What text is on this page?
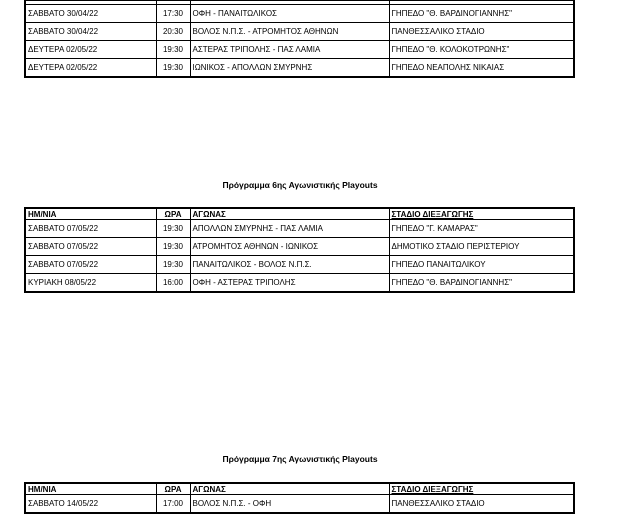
ΣΑΒΒΑΤΟ 30/04/22	17:30	ΟΦΗ - ΠΑΝΑΙΤΩΛΙΚΟΣ	ΓΗΠΕΔΟ "Θ. ΒΑΡΔΙΝΟΓΙΑΝΝΗΣ"
ΣΑΒΒΑΤΟ 30/04/22	20:30	ΒΟΛΟΣ Ν.Π.Σ. - ΑΤΡΟΜΗΤΟΣ ΑΘΗΝΩΝ	ΠΑΝΘΕΣΣΑΛΙΚΟ ΣΤΑΔΙΟ
ΔΕΥΤΕΡΑ 02/05/22	19:30	ΑΣΤΕΡΑΣ ΤΡΙΠΟΛΗΣ - ΠΑΣ ΛΑΜΙΑ	ΓΗΠΕΔΟ "Θ. ΚΟΛΟΚΟΤΡΩΝΗΣ"
ΔΕΥΤΕΡΑ 02/05/22	19:30	ΙΩΝΙΚΟΣ - ΑΠΟΛΛΩΝ ΣΜΥΡΝΗΣ	ΓΗΠΕΔΟ ΝΕΑΠΟΛΗΣ ΝΙΚΑΙΑΣ
Πρόγραμμα 6ης Αγωνιστικής Playouts
ΗΜ/ΝΙΑ	ΩΡΑ	ΑΓΩΝΑΣ	ΣΤΑΔΙΟ ΔΙΕΞΑΓΩΓΗΣ
ΣΑΒΒΑΤΟ 07/05/22	19:30	ΑΠΟΛΛΩΝ ΣΜΥΡΝΗΣ - ΠΑΣ ΛΑΜΙΑ	ΓΗΠΕΔΟ "Γ. ΚΑΜΑΡΑΣ"
ΣΑΒΒΑΤΟ 07/05/22	19:30	ΑΤΡΟΜΗΤΟΣ ΑΘΗΝΩΝ - ΙΩΝΙΚΟΣ	ΔΗΜΟΤΙΚΟ ΣΤΑΔΙΟ ΠΕΡΙΣΤΕΡΙΟΥ
ΣΑΒΒΑΤΟ 07/05/22	19:30	ΠΑΝΑΙΤΩΛΙΚΟΣ - ΒΟΛΟΣ Ν.Π.Σ.	ΓΗΠΕΔΟ ΠΑΝΑΙΤΩΛΙΚΟΥ
ΚΥΡΙΑΚΗ 08/05/22	16:00	ΟΦΗ - ΑΣΤΕΡΑΣ ΤΡΙΠΟΛΗΣ	ΓΗΠΕΔΟ "Θ. ΒΑΡΔΙΝΟΓΙΑΝΝΗΣ"
Πρόγραμμα 7ης Αγωνιστικής Playouts
ΗΜ/ΝΙΑ	ΩΡΑ	ΑΓΩΝΑΣ	ΣΤΑΔΙΟ ΔΙΕΞΑΓΩΓΗΣ
ΣΑΒΒΑΤΟ 14/05/22	17:00	ΒΟΛΟΣ Ν.Π.Σ. - ΟΦΗ	ΠΑΝΘΕΣΣΑΛΙΚΟ ΣΤΑΔΙΟ
